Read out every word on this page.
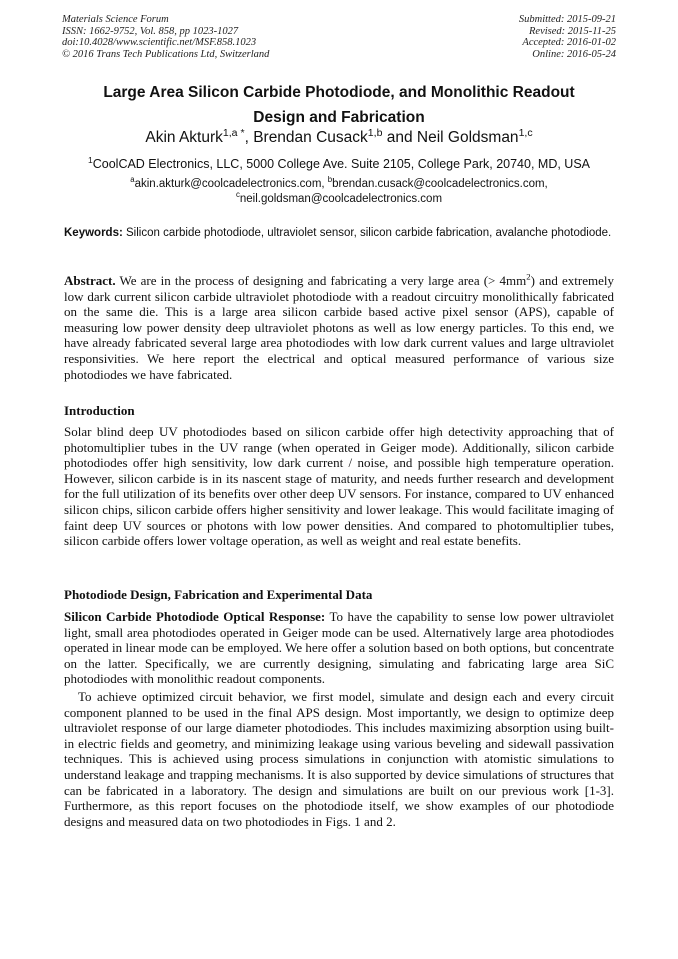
Materials Science Forum
ISSN: 1662-9752, Vol. 858, pp 1023-1027
doi:10.4028/www.scientific.net/MSF.858.1023
© 2016 Trans Tech Publications Ltd, Switzerland
Submitted: 2015-09-21
Revised: 2015-11-25
Accepted: 2016-01-02
Online: 2016-05-24
Large Area Silicon Carbide Photodiode, and Monolithic Readout
Design and Fabrication
Akin Akturk$^{1,a *}$, Brendan Cusack$^{1,b}$ and Neil Goldsman$^{1,c}$
$^1$CoolCAD Electronics, LLC, 5000 College Ave. Suite 2105, College Park, 20740, MD, USA
$^a$akin.akturk@coolcadelectronics.com, $^b$brendan.cusack@coolcadelectronics.com,
$^c$neil.goldsman@coolcadelectronics.com
Keywords: Silicon carbide photodiode, ultraviolet sensor, silicon carbide fabrication, avalanche photodiode.
Abstract. We are in the process of designing and fabricating a very large area (> $4mm^2$) and extremely low dark current silicon carbide ultraviolet photodiode with a readout circuitry monolithically fabricated on the same die. This is a large area silicon carbide based active pixel sensor (APS), capable of measuring low power density deep ultraviolet photons as well as low energy particles. To this end, we have already fabricated several large area photodiodes with low dark current values and large ultraviolet responsivities. We here report the electrical and optical measured performance of various size photodiodes we have fabricated.
Introduction
Solar blind deep UV photodiodes based on silicon carbide offer high detectivity approaching that of photomultiplier tubes in the UV range (when operated in Geiger mode). Additionally, silicon carbide photodiodes offer high sensitivity, low dark current / noise, and possible high temperature operation. However, silicon carbide is in its nascent stage of maturity, and needs further research and development for the full utilization of its benefits over other deep UV sensors. For instance, compared to UV enhanced silicon chips, silicon carbide offers higher sensitivity and lower leakage. This would facilitate imaging of faint deep UV sources or photons with low power densities. And compared to photomultiplier tubes, silicon carbide offers lower voltage operation, as well as weight and real estate benefits.
Photodiode Design, Fabrication and Experimental Data
Silicon Carbide Photodiode Optical Response: To have the capability to sense low power ultraviolet light, small area photodiodes operated in Geiger mode can be used. Alternatively large area photodiodes operated in linear mode can be employed. We here offer a solution based on both options, but concentrate on the latter. Specifically, we are currently designing, simulating and fabricating large area SiC photodiodes with monolithic readout components.
To achieve optimized circuit behavior, we first model, simulate and design each and every circuit component planned to be used in the final APS design. Most importantly, we design to optimize deep ultraviolet response of our large diameter photodiodes. This includes maximizing absorption using built-in electric fields and geometry, and minimizing leakage using various beveling and sidewall passivation techniques. This is achieved using process simulations in conjunction with atomistic simulations to understand leakage and trapping mechanisms. It is also supported by device simulations of structures that can be fabricated in a laboratory. The design and simulations are built on our previous work [1-3]. Furthermore, as this report focuses on the photodiode itself, we show examples of our photodiode designs and measured data on two photodiodes in Figs. 1 and 2.
